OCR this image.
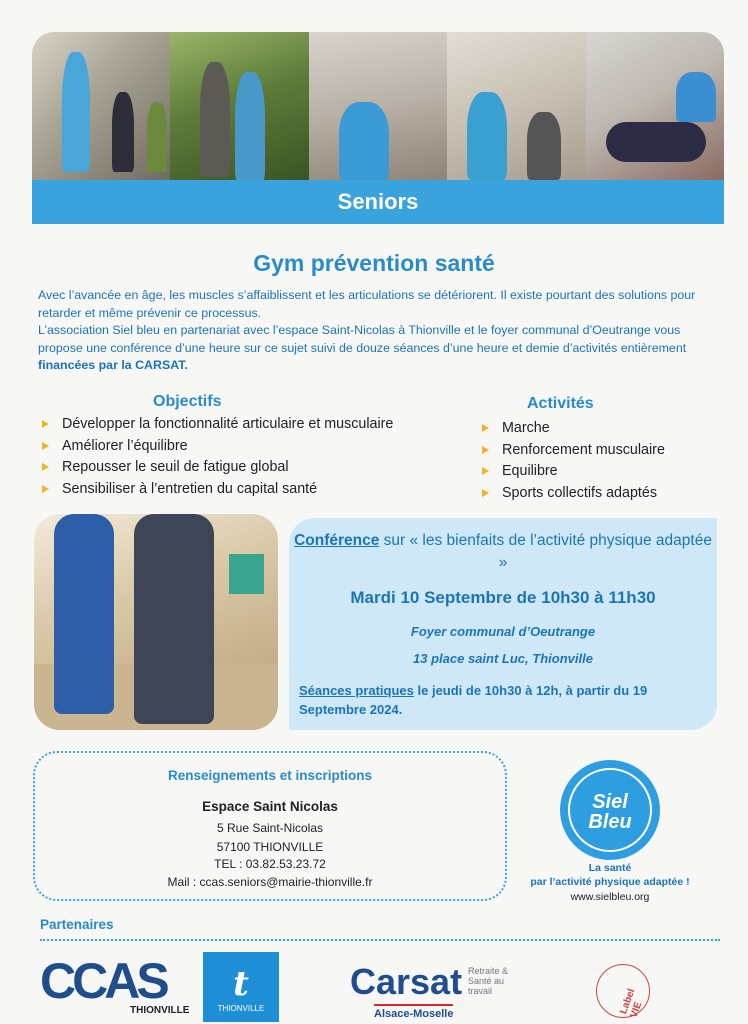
Seniors
Gym prévention santé
Avec l’avancée en âge, les muscles s’affaiblissent et les articulations se détériorent. Il existe pourtant des solutions pour retarder et même prévenir ce processus.
L’association Siel bleu en partenariat avec l’espace Saint-Nicolas à Thionville et le foyer communal d’Oeutrange vous propose une conférence d’une heure sur ce sujet suivi de douze séances d’une heure et demie d’activités entièrement financées par la CARSAT.
Objectifs	Activités
Développer la fonctionnalité articulaire et musculaire
Améliorer l’équilibre
Repousser le seuil de fatigue global
Sensibiliser à l’entretien du capital santé
Marche
Renforcement musculaire
Equilibre
Sports collectifs adaptés
Conférence sur « les bienfaits de l’activité physique adaptée »
Mardi 10 Septembre de 10h30 à 11h30
Foyer communal d’Oeutrange
13 place saint Luc, Thionville
Séances pratiques le jeudi de 10h30 à 12h, à partir du 19 Septembre 2024.
Renseignements et inscriptions
Espace Saint Nicolas
5 Rue Saint-Nicolas
57100 THIONVILLE
TEL : 03.82.53.23.72
Mail : ccas.seniors@mairie-thionville.fr
Siel
Bleu
La santé
par l’activité physique adaptée !
www.sielbleu.org
Partenaires
CCAS
THIONVILLE
t
THIONVILLE
Carsat Retraite & Santé au travail
Alsace-Moselle	Label VIE
